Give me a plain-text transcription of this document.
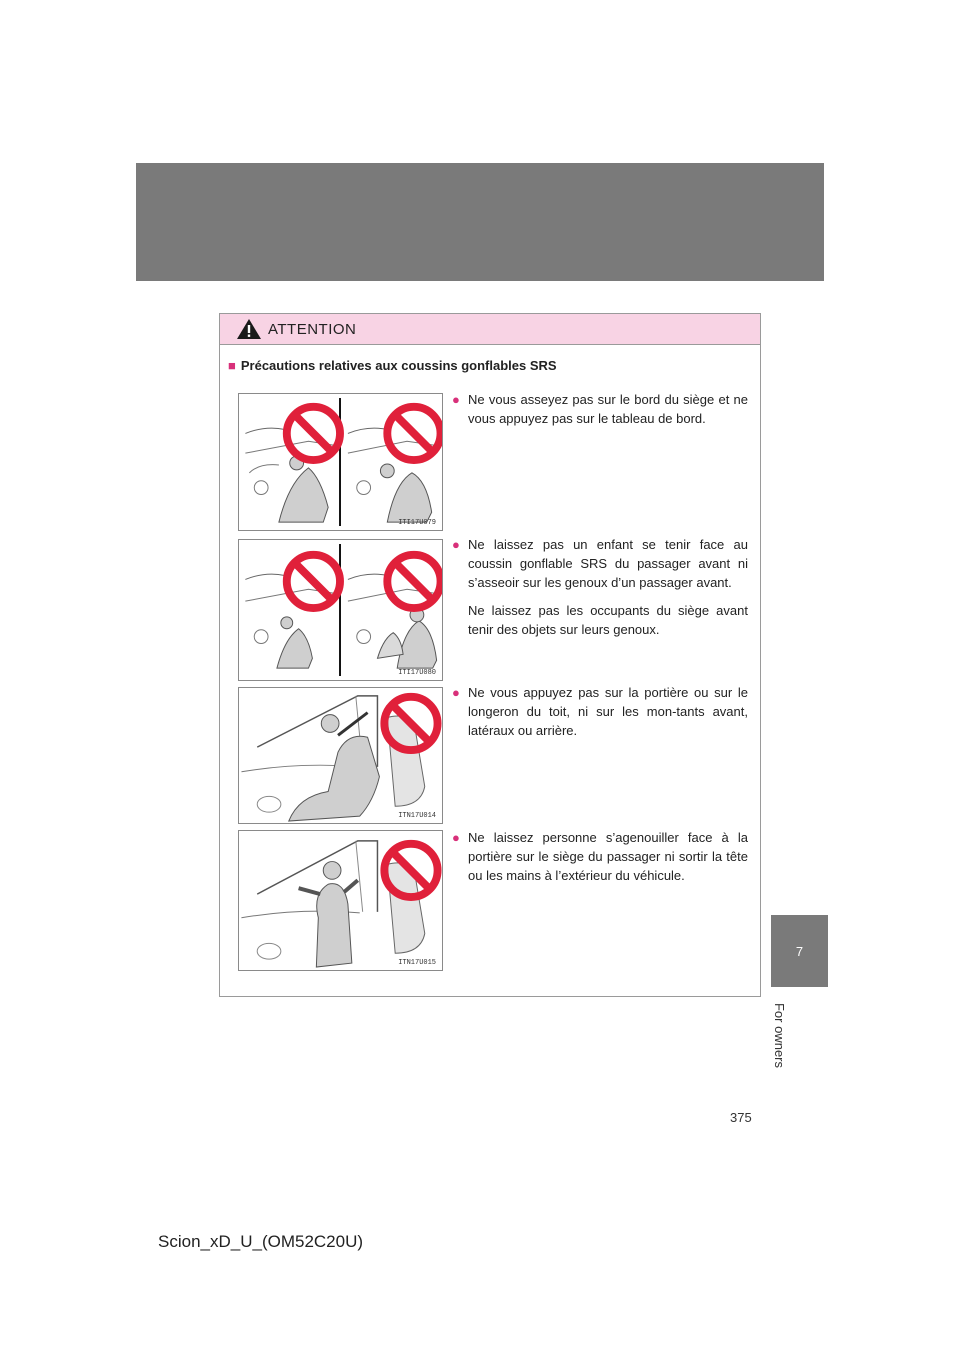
ATTENTION
■ Précautions relatives aux coussins gonflables SRS
ITI17U079
ITI17U080
ITN17U014
ITN17U015

● Ne vous asseyez pas sur le bord du siège et ne vous appuyez pas sur le tableau de bord.

● Ne laissez pas un enfant se tenir face au coussin gonflable SRS du passager avant ni s’asseoir sur les genoux d’un passager avant.

Ne laissez pas les occupants du siège avant tenir des objets sur leurs genoux.

● Ne vous appuyez pas sur la portière ou sur le longeron du toit, ni sur les mon-tants avant, latéraux ou arrière.

● Ne laissez personne s’agenouiller face à la portière sur le siège du passager ni sortir la tête ou les mains à l’extérieur du véhicule.

7
For owners
375
Scion_xD_U_(OM52C20U)
